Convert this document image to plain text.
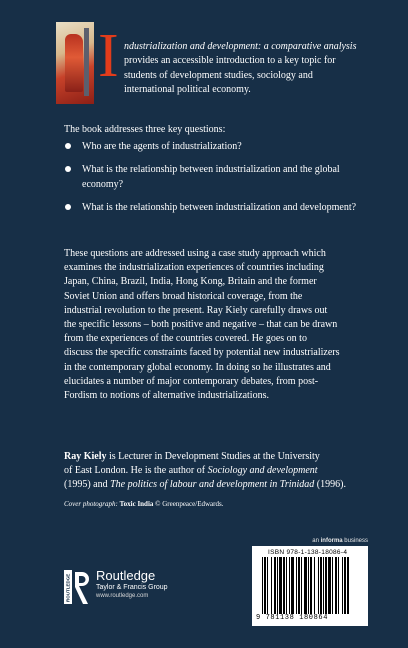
I ndustrialization and development: a comparative analysis
provides an accessible introduction to a key topic for
students of development studies, sociology and
international political economy.
The book addresses three key questions:
Who are the agents of industrialization?
What is the relationship between industrialization and the global economy?
What is the relationship between industrialization and development?
These questions are addressed using a case study approach which
examines the industrialization experiences of countries including
Japan, China, Brazil, India, Hong Kong, Britain and the former
Soviet Union and offers broad historical coverage, from the
industrial revolution to the present. Ray Kiely carefully draws out
the specific lessons – both positive and negative – that can be drawn
from the experiences of the countries covered. He goes on to
discuss the specific constraints faced by potential new industrializers
in the contemporary global economy. In doing so he illustrates and
elucidates a number of major contemporary debates, from post-
Fordism to notions of alternative industrializations.
Ray Kiely is Lecturer in Development Studies at the University
of East London. He is the author of Sociology and development
(1995) and The politics of labour and development in Trinidad (1996).
Cover photograph: Toxic India © Greenpeace/Edwards.
an informa business
ISBN 978-1-138-18086-4
9 781138 180864
ROUTLEDGE Routledge
Taylor & Francis Group
www.routledge.com
